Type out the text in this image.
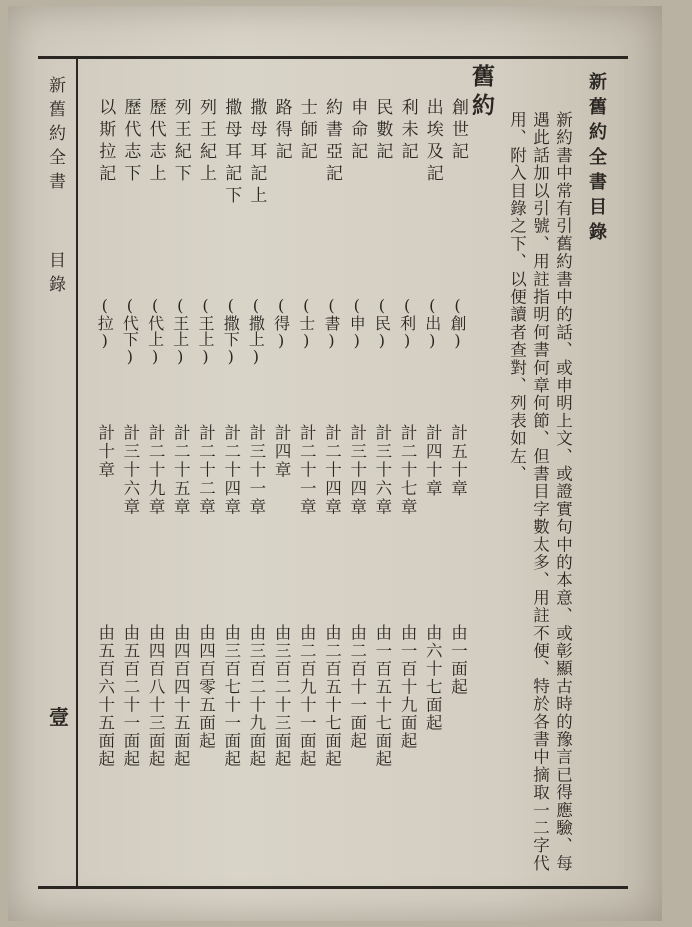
新舊約全書
目錄
壹
新舊約全書目錄
新約書中常有引舊約書中的話、或申明上文、或證實句中的本意、或彰顯古時的豫言已得應驗、每
遇此話加以引號、用註指明何書何章何節、但書目字數太多、用註不便、特於各書中摘取一二字代
用、附入目錄之下、以便讀者查對、列表如左、
舊約
創世記
(創)
計五十章
由一面起
出埃及記
(出)
計四十章
由六十七面起
利未記
(利)
計二十七章
由一百十九面起
民數記
(民)
計三十六章
由一百五十七面起
申命記
(申)
計三十四章
由二百十一面起
約書亞記
(書)
計二十四章
由二百五十七面起
士師記
(士)
計二十一章
由二百九十一面起
路得記
(得)
計四章
由三百二十三面起
撒母耳記上
(撒上)
計三十一章
由三百二十九面起
撒母耳記下
(撒下)
計二十四章
由三百七十一面起
列王紀上
(王上)
計二十二章
由四百零五面起
列王紀下
(王上)
計二十五章
由四百四十五面起
歷代志上
(代上)
計二十九章
由四百八十三面起
歷代志下
(代下)
計三十六章
由五百二十一面起
以斯拉記
(拉)
計十章
由五百六十五面起
